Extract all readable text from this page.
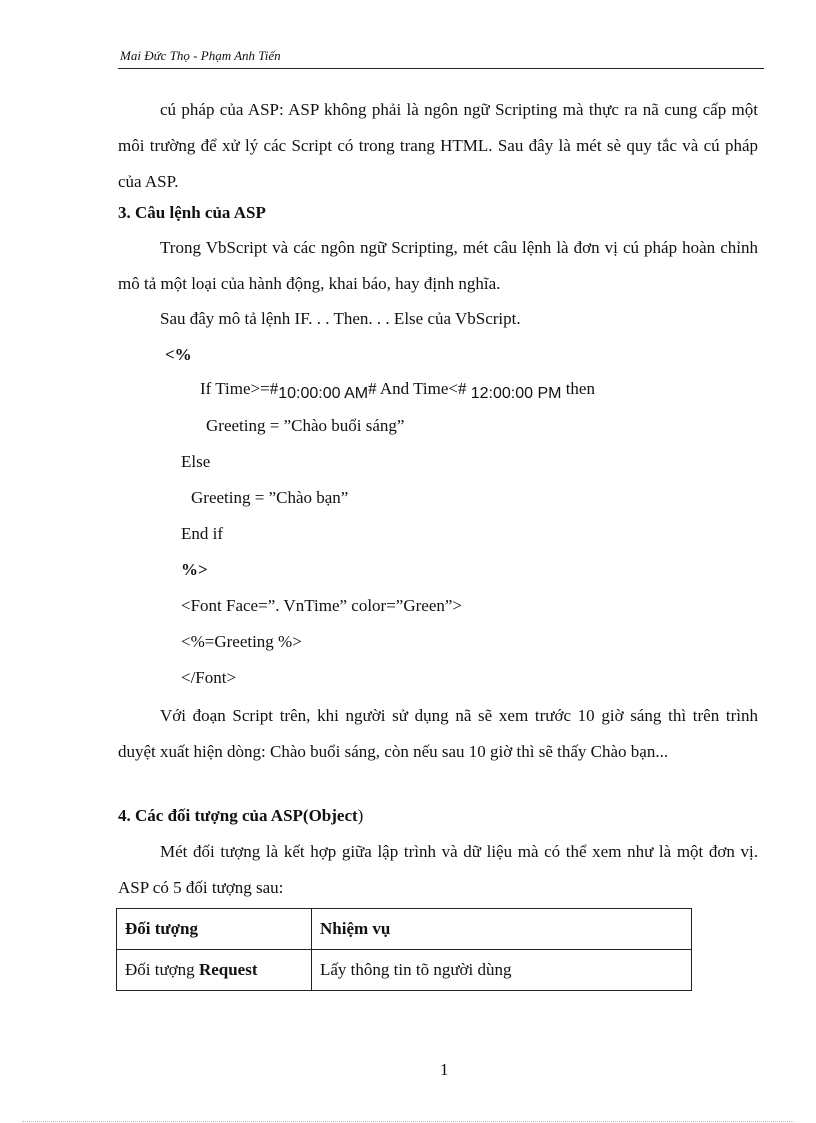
Mai Đức Thọ - Phạm Anh Tiến
cú pháp của ASP: ASP không phải là ngôn ngữ Scripting mà thực ra nã cung cấp một môi trường để xử lý các Script có trong trang HTML. Sau đây là mét sè quy tắc và cú pháp của ASP.
3. Câu lệnh của ASP
Trong VbScript và các ngôn ngữ Scripting, mét câu lệnh là đơn vị cú pháp hoàn chỉnh mô tả một loại của hành động, khai báo, hay định nghĩa.
Sau đây mô tả lệnh IF. . . Then. . . Else của VbScript.
<%
If Time>=#10:00:00 AM# And Time<# 12:00:00 PM then
Greeting = ”Chào buổi sáng”
Else
Greeting = ”Chào bạn”
End if
%>
<Font Face=”. VnTime” color=”Green”>
<%=Greeting %>
</Font>
Với đoạn Script trên, khi người sử dụng nã sẽ xem trước 10 giờ sáng thì trên trình duyệt xuất hiện dòng: Chào buổi sáng, còn nếu sau 10 giờ thì sẽ thấy Chào bạn...
4. Các đối tượng của ASP(Object)
Mét đối tượng là kết hợp giữa lập trình và dữ liệu mà có thể xem như là một đơn vị. ASP có 5 đối tượng sau:
Đối tượng	Nhiệm vụ
Đối tượng Request	Lấy thông tin tõ người dùng
1
